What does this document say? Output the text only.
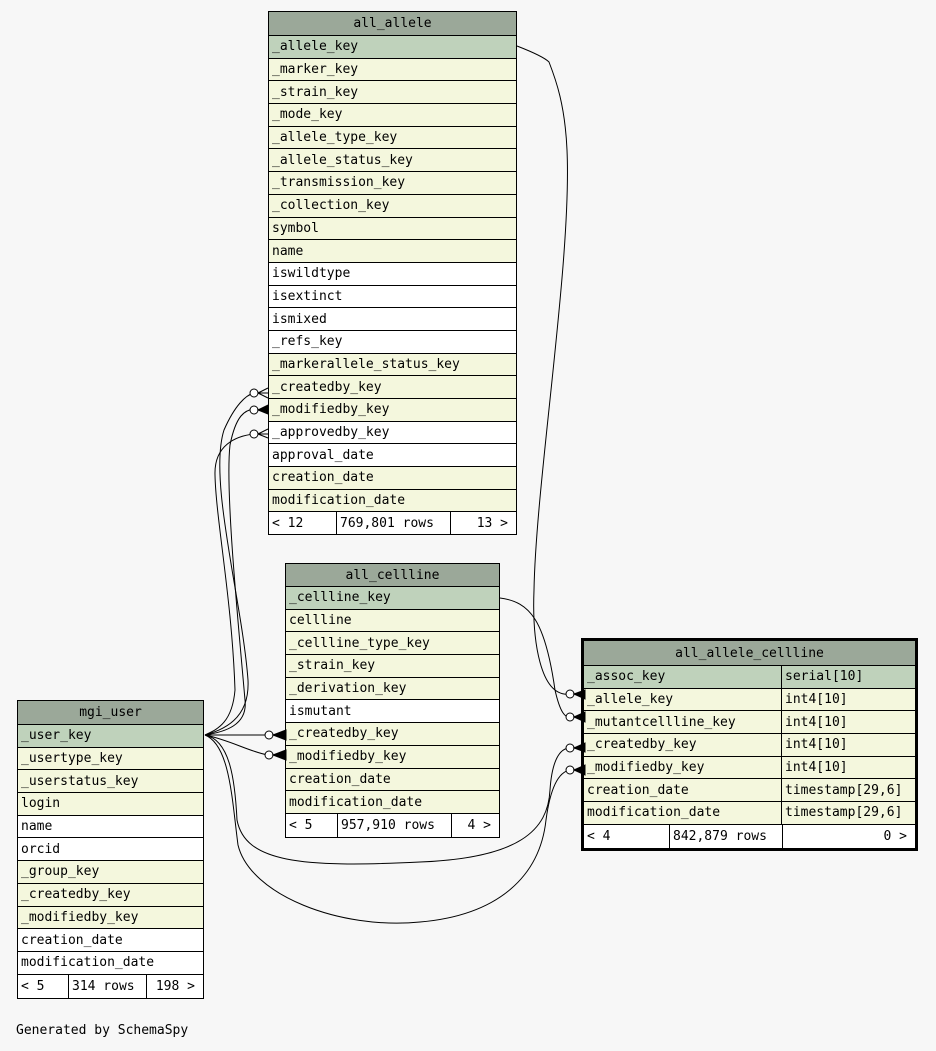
all_allele
_allele_key
_marker_key
_strain_key
_mode_key
_allele_type_key
_allele_status_key
_transmission_key
_collection_key
symbol
name
iswildtype
isextinct
ismixed
_refs_key
_markerallele_status_key
_createdby_key
_modifiedby_key
_approvedby_key
approval_date
creation_date
modification_date
< 12	769,801 rows	13 >
all_cellline
_cellline_key
cellline
_cellline_type_key
_strain_key
_derivation_key
ismutant
_createdby_key
_modifiedby_key
creation_date
modification_date
< 5	957,910 rows	4 >
mgi_user
_user_key
_usertype_key
_userstatus_key
login
name
orcid
_group_key
_createdby_key
_modifiedby_key
creation_date
modification_date
< 5	314 rows	198 >
all_allele_cellline
_assoc_key	serial[10]
_allele_key	int4[10]
_mutantcellline_key	int4[10]
_createdby_key	int4[10]
_modifiedby_key	int4[10]
creation_date	timestamp[29,6]
modification_date	timestamp[29,6]
< 4	842,879 rows	0 >
Generated by SchemaSpy
